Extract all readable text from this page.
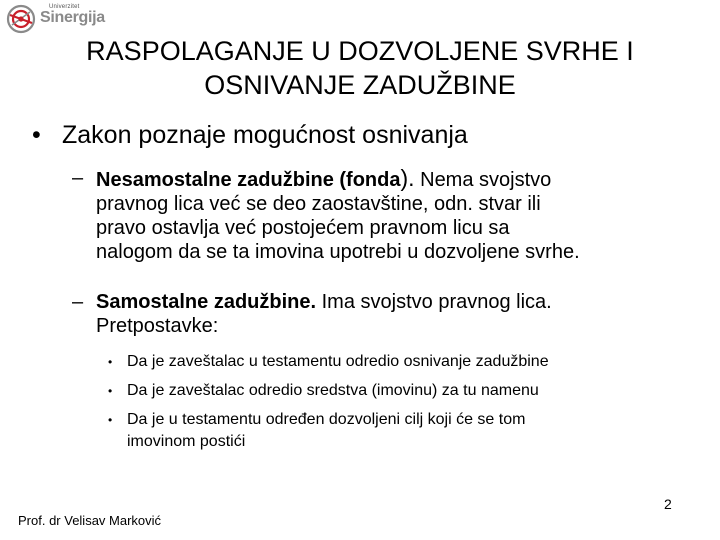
Univerzitet
Sinergija
RASPOLAGANJE U DOZVOLJENE SVRHE I
OSNIVANJE ZADUŽBINE
• Zakon poznaje mogućnost osnivanja
– Nesamostalne zadužbine (fonda). Nema svojstvo
pravnog lica već se deo zaostavštine, odn. stvar ili
pravo ostavlja već postojećem pravnom licu sa
nalogom da se ta imovina upotrebi u dozvoljene svrhe.
– Samostalne zadužbine. Ima svojstvo pravnog lica.
Pretpostavke:
• Da je zaveštalac u testamentu odredio osnivanje zadužbine
• Da je zaveštalac odredio sredstva (imovinu) za tu namenu
• Da je u testamentu određen dozvoljeni cilj koji će se tom
imovinom postići
2
Prof. dr Velisav Marković
